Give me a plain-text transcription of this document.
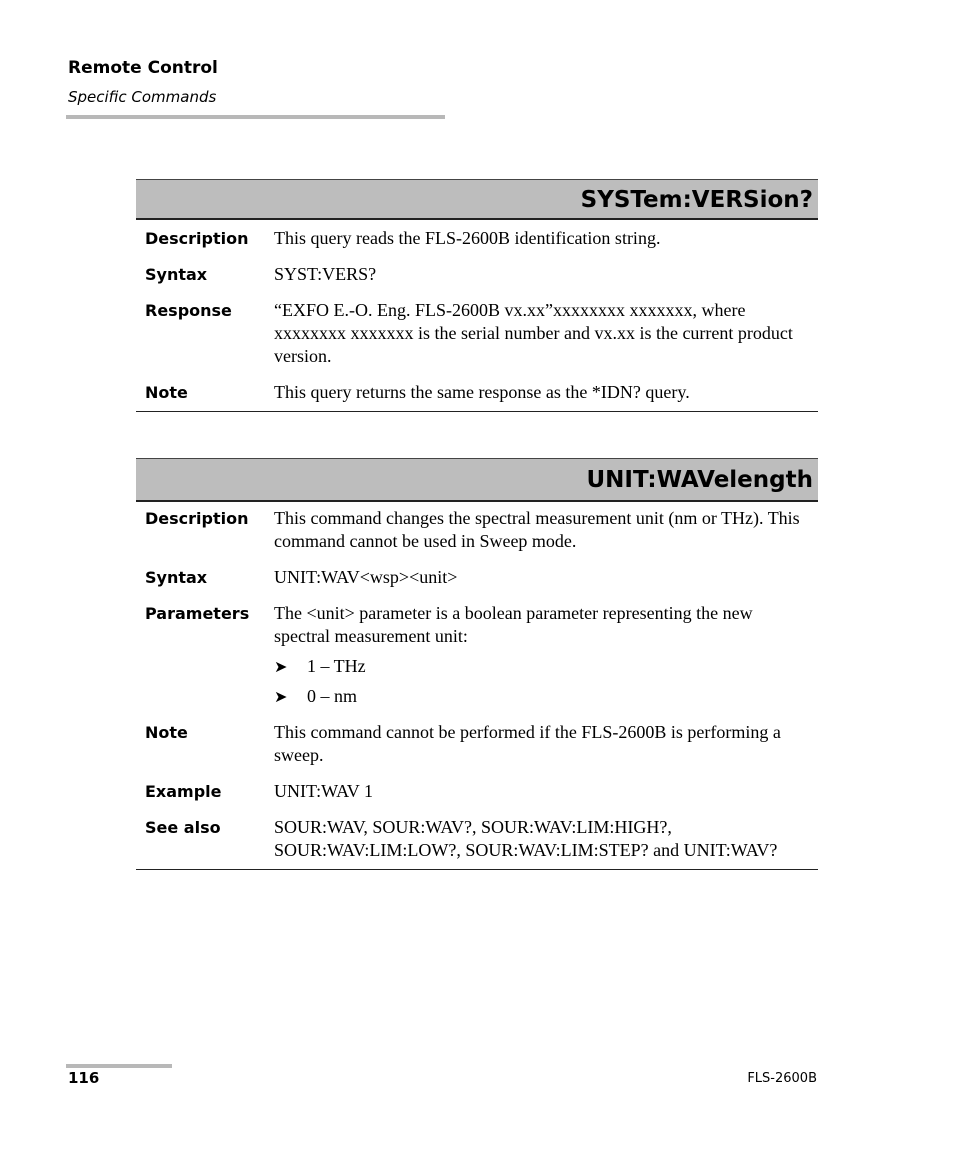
Remote Control
Specific Commands
SYSTem:VERSion?
Description	This query reads the FLS-2600B identification string.
Syntax	SYST:VERS?
Response	“EXFO E.-O. Eng. FLS-2600B vx.xx”xxxxxxxx xxxxxxx, where xxxxxxxx xxxxxxx is the serial number and vx.xx is the current product version.
Note	This query returns the same response as the *IDN? query.
UNIT:WAVelength
Description	This command changes the spectral measurement unit (nm or THz). This command cannot be used in Sweep mode.
Syntax	UNIT:WAV<wsp><unit>
Parameters	The <unit> parameter is a boolean parameter representing the new spectral measurement unit:
➤	1 – THz
➤	0 – nm
Note	This command cannot be performed if the FLS-2600B is performing a sweep.
Example	UNIT:WAV 1
See also	SOUR:WAV, SOUR:WAV?, SOUR:WAV:LIM:HIGH?, SOUR:WAV:LIM:LOW?, SOUR:WAV:LIM:STEP? and UNIT:WAV?
116	FLS-2600B
